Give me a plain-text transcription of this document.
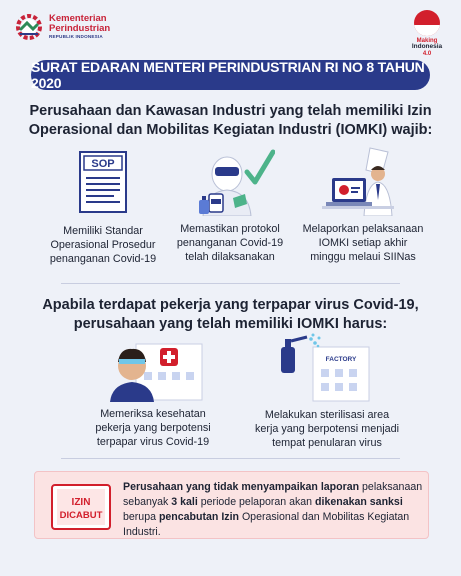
Kementerian
Perindustrian
REPUBLIK INDONESIA
Making
Indonesia
4.0
SURAT EDARAN MENTERI PERINDUSTRIAN RI NO 8 TAHUN 2020
Perusahaan dan Kawasan Industri yang telah memiliki Izin
Operasional dan Mobilitas Kegiatan Industri (IOMKI) wajib:
SOP
Memiliki Standar
Operasional Prosedur
penanganan Covid-19
Memastikan protokol
penanganan Covid-19
telah dilaksanakan
Melaporkan pelaksanaan
IOMKI setiap akhir
minggu melaui SIINas
Apabila terdapat pekerja yang terpapar virus Covid-19,
perusahaan yang telah memiliki IOMKI harus:
Memeriksa kesehatan
pekerja yang berpotensi
terpapar virus Covid-19
FACTORY
Melakukan sterilisasi area
kerja yang berpotensi menjadi
tempat penularan virus
IZIN
DICABUT
Perusahaan yang tidak menyampaikan laporan pelaksanaan sebanyak 3 kali periode pelaporan akan dikenakan sanksi berupa pencabutan Izin Operasional dan Mobilitas Kegiatan Industri.
